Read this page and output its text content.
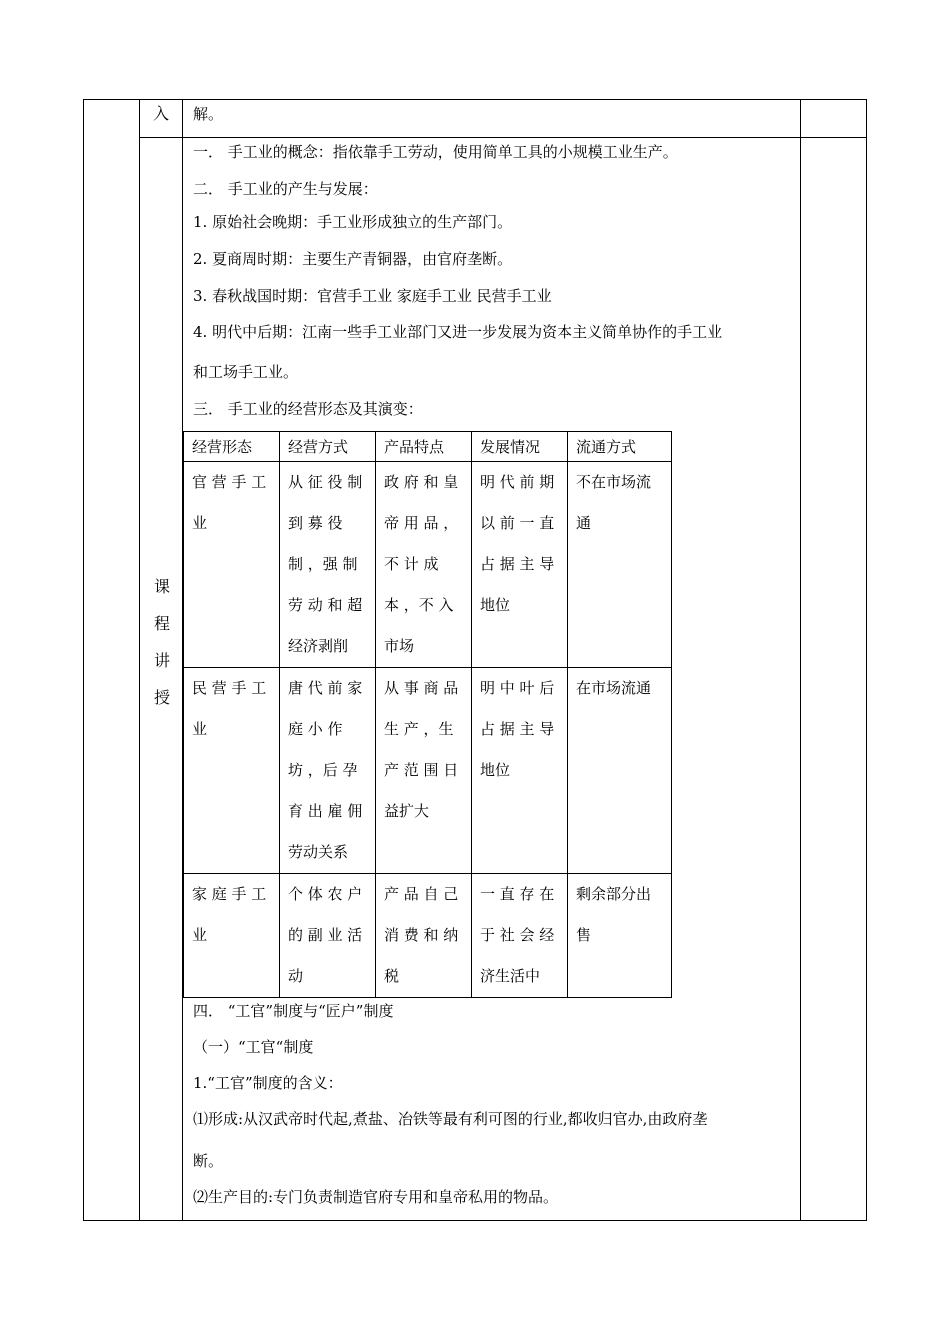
入 解。
课
程
讲
授
一． 手工业的概念：指依靠手工劳动，使用简单工具的小规模工业生产。
二． 手工业的产生与发展：
1. 原始社会晚期：手工业形成独立的生产部门。
2. 夏商周时期：主要生产青铜器，由官府垄断。
3. 春秋战国时期：官营手工业 家庭手工业 民营手工业
4. 明代中后期：江南一些手工业部门又进一步发展为资本主义简单协作的手工业
和工场手工业。
三． 手工业的经营形态及其演变：
经营形态	经营方式	产品特点	发展情况	流通方式

官 营 手 工
业	从 征 役 制
到 募 役
制 ，强 制
劳 动 和 超
经济剥削	政 府 和 皇
帝 用 品 ，
不 计 成
本 ，不 入
市场	明 代 前 期
以 前 一 直
占 据 主 导
地位	不在市场流
通

民 营 手 工
业	唐 代 前 家
庭 小 作
坊 ，后 孕
育 出 雇 佣
劳动关系	从 事 商 品
生 产 ，生
产 范 围 日
益扩大	明 中 叶 后
占 据 主 导
地位	在市场流通

家 庭 手 工
业	个 体 农 户
的 副 业 活
动	产 品 自 己
消 费 和 纳
税	一 直 存 在
于 社 会 经
济生活中	剩余部分出
售
四． “工官”制度与“匠户”制度
（一）“工官“制度
1.“工官”制度的含义：
⑴形成:从汉武帝时代起,煮盐、冶铁等最有利可图的行业,都收归官办,由政府垄
断。
⑵生产目的:专门负责制造官府专用和皇帝私用的物品。
